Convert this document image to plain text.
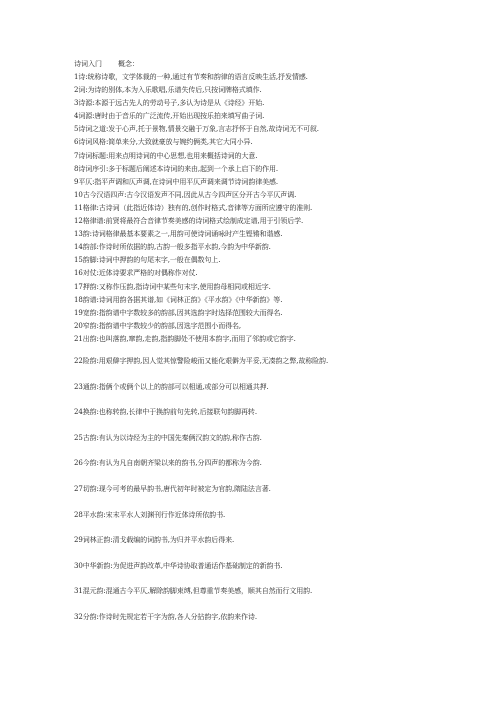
诗词入门 概念：
1诗:统称诗歌，文学体裁的一种,通过有节奏和韵律的语言反映生活,抒发情感.
2词:为诗的别体,本为入乐歌唱,乐谱失传后,只按词牌格式填作.
3诗源:本源于远古先人的劳动号子,多认为诗是从《诗经》开始.
4词源:唐时由于音乐的广泛流传,开始出现按乐拍来填写曲子词.
5诗词之道:发于心声,托于景物,情景交融于万象,言志抒怀于自然,故诗词无不可叙.
6诗词风格:简单来分,大致就豪放与婉约俩类,其它大同小异.
7诗词标题:用来点明诗词的中心思想,也用来概括诗词的大意.
8诗词序引:多于标题后阐述本诗词的来由,起到一个承上启下的作用.
9平仄:指平声调和仄声调,在诗词中用平仄声调来调节诗词韵律美感.
10古今汉语四声:古今汉语发声不同,因此从古今四声区分开古今平仄声调.
11格律:古诗词（此指近体诗）独有的,创作时格式,音律等方面所应遵守的准则.
12格律谱:前贤将最符合音律节奏美感的诗词格式绘制成定谱,用于引领后学.
13韵:诗词格律最基本要素之一,用韵可使诗词诵咏时产生铿锵和谐感.
14韵部:作诗时所依据的韵,古韵一般多指平水韵,今韵为中华新韵.
15韵脚:诗词中押韵的句尾末字,一般在偶数句上.
16对仗:近体诗要求严格的对偶称作对仗.
17押韵:又称作压韵,指诗词中某些句末字,使用韵母相同或相近字.
18韵谱:诗词用韵各据其谱,如《词林正韵》《平水韵》《中华新韵》等.
19宽韵:指韵谱中字数较多的韵部,因其选韵字时选择范围较大而得名.
20窄韵:指韵谱中字数较少的韵部,因选字范围小而得名,
21出韵:也叫落韵,窜韵,走韵,指韵脚处不使用本韵字,而用了邻韵或它韵字.
22险韵:用艰僻字押韵,因人觉其惊警险峻而又能化艰僻为平妥,无凑韵之弊,故称险韵.
23通韵:指俩个或俩个以上的韵部可以相通,或部分可以相通共押.
24换韵:也称转韵,长律中于换韵前句先转,后接联句韵脚再转.
25古韵:有认为以诗经为主的中国先秦俩汉韵文的韵,称作古韵.
26今韵:有认为凡自南朝齐梁以来的韵书,分四声的都称为今韵.
27切韵:现今可考的最早韵书,唐代初年时被定为官韵,隋陆法言著.
28平水韵:宋末平水人刘渊刊行作近体诗所依韵书.
29词林正韵:清戈载编的词韵书,为归并平水韵后得来.
30中华新韵:为促进声韵改革,中华诗协取普通话作基础制定的新韵书.
31混元韵:混通古今平仄,解除韵脚束缚,但尊重节奏美感，顺其自然而行文用韵.
32分韵:作诗时先规定若干字为韵,各人分拈韵字,依韵来作诗.
